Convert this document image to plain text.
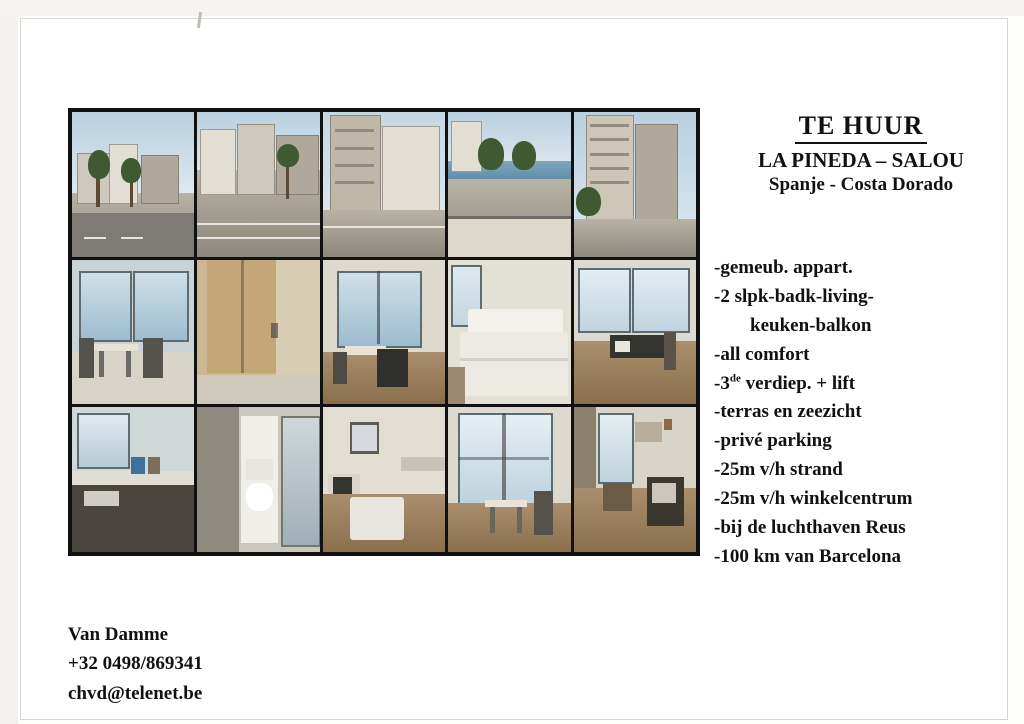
TE HUUR
LA PINEDA – SALOU
Spanje - Costa Dorado
-gemeub. appart.
-2 slpk-badk-living-
keuken-balkon
-all comfort
-3de verdiep. + lift
-terras en zeezicht
-privé parking
-25m v/h strand
-25m v/h winkelcentrum
-bij de luchthaven Reus
-100 km van Barcelona
Van Damme
+32 0498/869341
chvd@telenet.be
